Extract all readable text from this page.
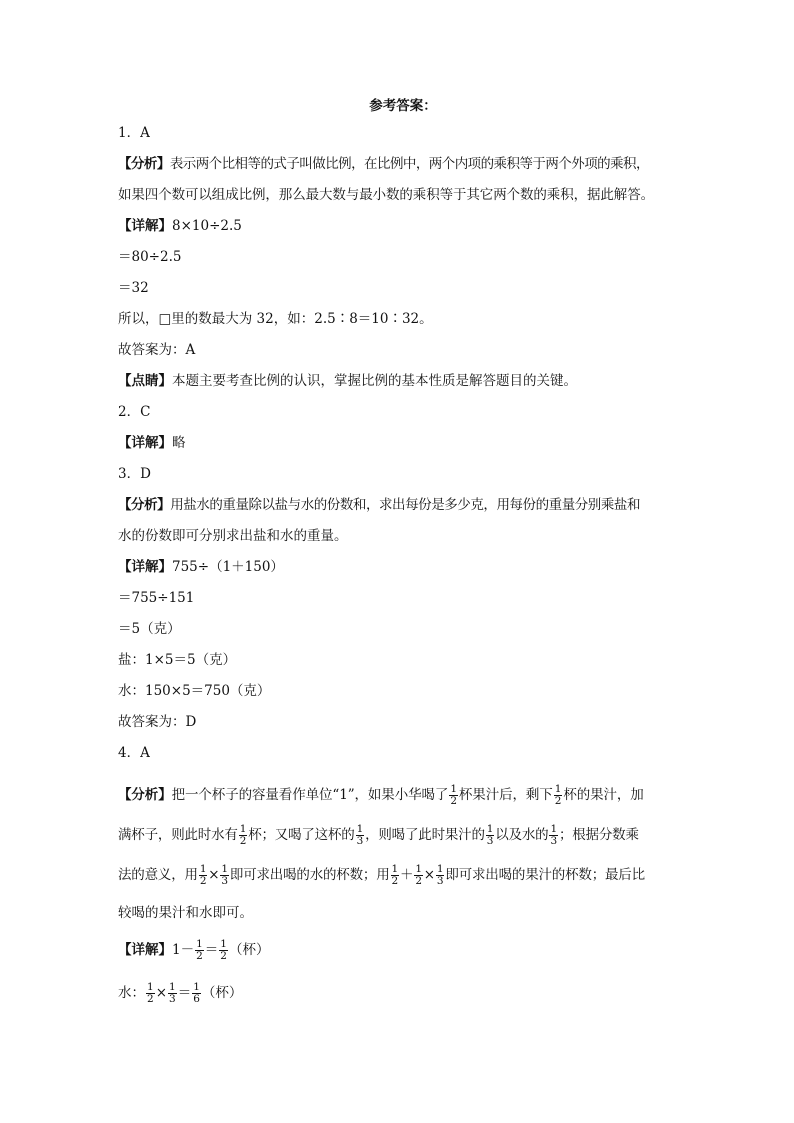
参考答案：
1．A
【分析】表示两个比相等的式子叫做比例，在比例中，两个内项的乘积等于两个外项的乘积，
如果四个数可以组成比例，那么最大数与最小数的乘积等于其它两个数的乘积，据此解答。
【详解】8×10÷2.5
＝80÷2.5
＝32
所以，□里的数最大为 32，如：2.5∶8＝10∶32。
故答案为：A
【点睛】本题主要考查比例的认识，掌握比例的基本性质是解答题目的关键。
2．C
【详解】略
3．D
【分析】用盐水的重量除以盐与水的份数和，求出每份是多少克，用每份的重量分别乘盐和
水的份数即可分别求出盐和水的重量。
【详解】755÷（1＋150）
＝755÷151
＝5（克）
盐：1×5＝5（克）
水：150×5＝750（克）
故答案为：D
4．A
【分析】把一个杯子的容量看作单位“1”，如果小华喝了 $\frac{1}{2}$ 杯果汁后，剩下 $\frac{1}{2}$ 杯的果汁，加
满杯子，则此时水有 $\frac{1}{2}$ 杯；又喝了这杯的 $\frac{1}{3}$ ，则喝了此时果汁的 $\frac{1}{3}$ 以及水的 $\frac{1}{3}$ ；根据分数乘
法的意义，用 $\frac{1}{2} \times \frac{1}{3}$ 即可求出喝的水的杯数；用 $\frac{1}{2} + \frac{1}{2} \times \frac{1}{3}$ 即可求出喝的果汁的杯数；最后比
较喝的果汁和水即可。
【详解】$1- \frac{1}{2} = \frac{1}{2}$ （杯）
水： $\frac{1}{2} \times \frac{1}{3} = \frac{1}{6}$ （杯）
